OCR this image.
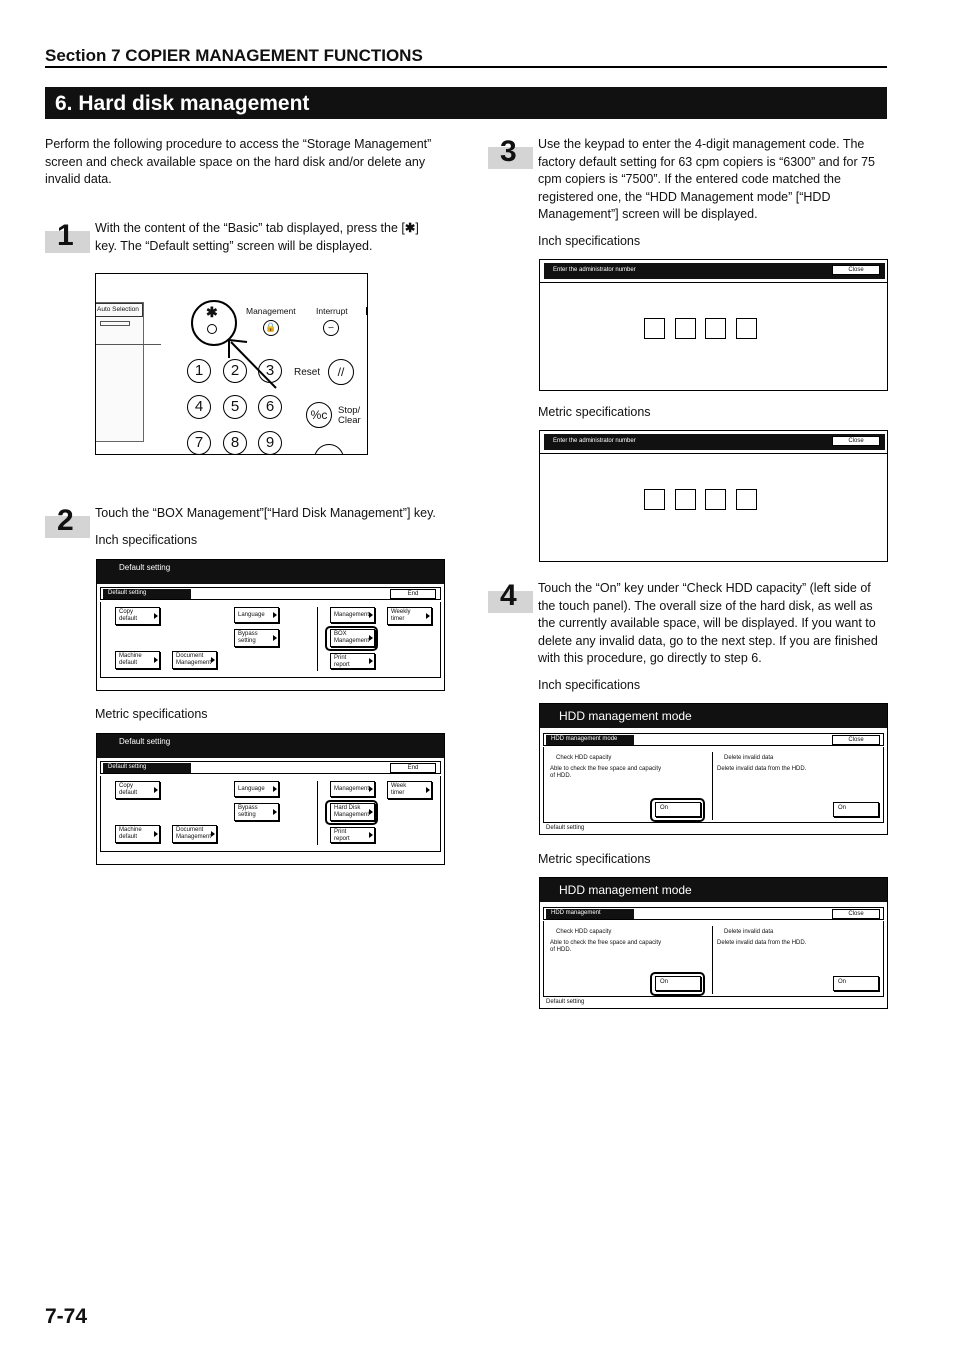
Section 7 COPIER MANAGEMENT FUNCTIONS
6. Hard disk management
Perform the following procedure to access the “Storage Management” screen and check available space on the hard disk and/or delete any invalid data.
1 With the content of the “Basic” tab displayed, press the [✱] key. The “Default setting” screen will be displayed.
Auto Selection	✱	Management
🔒
Interrupt
∽
1	2	3	Reset	//
4	5	6	%c	Stop/
Clear
7	8	9
2 Touch the “BOX Management”[“Hard Disk Management”] key.
Inch specifications
Default setting
Default setting	End
Copy
default
Language	Management	Weekly
timer
Bypass
setting
BOX
Management
Machine
default
Document
Management
Print
report
Metric specifications
Default setting
Default setting	End
Copy
default
Language	Management	Week
timer
Bypass
setting
Hard Disk
Management
Machine
default
Document
Management
Print
report
3 Use the keypad to enter the 4-digit management code. The factory default setting for 63 cpm copiers is “6300” and for 75 cpm copiers is “7500”. If the entered code matched the registered one, the “HDD Management mode” [“HDD Management”] screen will be displayed.
Inch specifications
Enter the administrator number	Close
Metric specifications
Enter the administrator number	Close
4 Touch the “On” key under “Check HDD capacity” (left side of the touch panel). The overall size of the hard disk, as well as the currently available space, will be displayed. If you want to delete any invalid data, go to the next step. If you are finished with this procedure, go directly to step 6.
Inch specifications
HDD management mode
HDD management mode	Close
Check HDD capacity
Able to check the free space and capacity
of HDD.
Delete invalid data
Delete invalid data from the HDD.
On	On
Default setting
Metric specifications
HDD management mode
HDD management	Close
Check HDD capacity
Able to check the free space and capacity
of HDD.
Delete invalid data
Delete invalid data from the HDD.
On	On
Default setting
7-74
